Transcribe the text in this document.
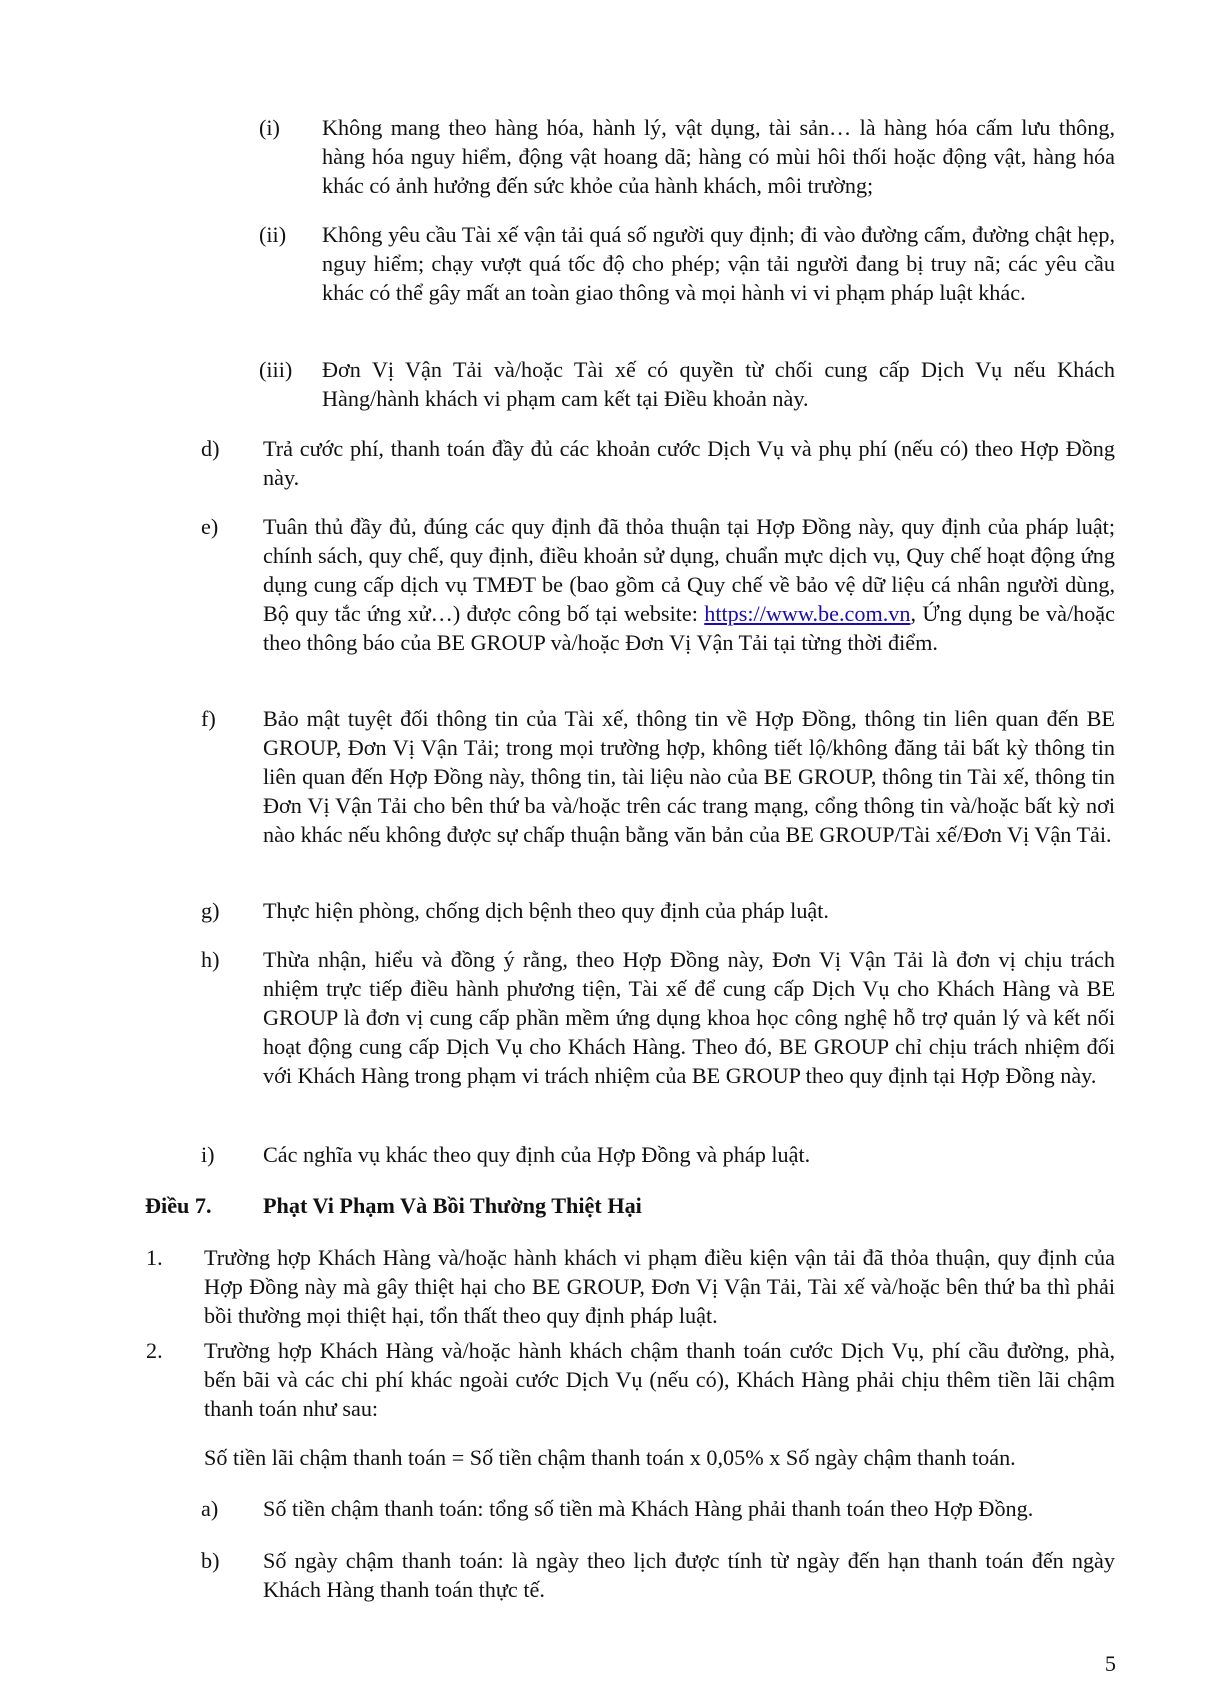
(i) Không mang theo hàng hóa, hành lý, vật dụng, tài sản… là hàng hóa cấm lưu thông, hàng hóa nguy hiểm, động vật hoang dã; hàng có mùi hôi thối hoặc động vật, hàng hóa khác có ảnh hưởng đến sức khỏe của hành khách, môi trường;
(ii) Không yêu cầu Tài xế vận tải quá số người quy định; đi vào đường cấm, đường chật hẹp, nguy hiểm; chạy vượt quá tốc độ cho phép; vận tải người đang bị truy nã; các yêu cầu khác có thể gây mất an toàn giao thông và mọi hành vi vi phạm pháp luật khác.
(iii) Đơn Vị Vận Tải và/hoặc Tài xế có quyền từ chối cung cấp Dịch Vụ nếu Khách Hàng/hành khách vi phạm cam kết tại Điều khoản này.
d) Trả cước phí, thanh toán đầy đủ các khoản cước Dịch Vụ và phụ phí (nếu có) theo Hợp Đồng này.
e) Tuân thủ đầy đủ, đúng các quy định đã thỏa thuận tại Hợp Đồng này, quy định của pháp luật; chính sách, quy chế, quy định, điều khoản sử dụng, chuẩn mực dịch vụ, Quy chế hoạt động ứng dụng cung cấp dịch vụ TMĐT be (bao gồm cả Quy chế về bảo vệ dữ liệu cá nhân người dùng, Bộ quy tắc ứng xử…) được công bố tại website: https://www.be.com.vn, Ứng dụng be và/hoặc theo thông báo của BE GROUP và/hoặc Đơn Vị Vận Tải tại từng thời điểm.
f) Bảo mật tuyệt đối thông tin của Tài xế, thông tin về Hợp Đồng, thông tin liên quan đến BE GROUP, Đơn Vị Vận Tải; trong mọi trường hợp, không tiết lộ/không đăng tải bất kỳ thông tin liên quan đến Hợp Đồng này, thông tin, tài liệu nào của BE GROUP, thông tin Tài xế, thông tin Đơn Vị Vận Tải cho bên thứ ba và/hoặc trên các trang mạng, cổng thông tin và/hoặc bất kỳ nơi nào khác nếu không được sự chấp thuận bằng văn bản của BE GROUP/Tài xế/Đơn Vị Vận Tải.
g) Thực hiện phòng, chống dịch bệnh theo quy định của pháp luật.
h) Thừa nhận, hiểu và đồng ý rằng, theo Hợp Đồng này, Đơn Vị Vận Tải là đơn vị chịu trách nhiệm trực tiếp điều hành phương tiện, Tài xế để cung cấp Dịch Vụ cho Khách Hàng và BE GROUP là đơn vị cung cấp phần mềm ứng dụng khoa học công nghệ hỗ trợ quản lý và kết nối hoạt động cung cấp Dịch Vụ cho Khách Hàng. Theo đó, BE GROUP chỉ chịu trách nhiệm đối với Khách Hàng trong phạm vi trách nhiệm của BE GROUP theo quy định tại Hợp Đồng này.
i) Các nghĩa vụ khác theo quy định của Hợp Đồng và pháp luật.
Điều 7. Phạt Vi Phạm Và Bồi Thường Thiệt Hại
1. Trường hợp Khách Hàng và/hoặc hành khách vi phạm điều kiện vận tải đã thỏa thuận, quy định của Hợp Đồng này mà gây thiệt hại cho BE GROUP, Đơn Vị Vận Tải, Tài xế và/hoặc bên thứ ba thì phải bồi thường mọi thiệt hại, tổn thất theo quy định pháp luật.
2. Trường hợp Khách Hàng và/hoặc hành khách chậm thanh toán cước Dịch Vụ, phí cầu đường, phà, bến bãi và các chi phí khác ngoài cước Dịch Vụ (nếu có), Khách Hàng phải chịu thêm tiền lãi chậm thanh toán như sau:
Số tiền lãi chậm thanh toán = Số tiền chậm thanh toán x 0,05% x Số ngày chậm thanh toán.
a) Số tiền chậm thanh toán: tổng số tiền mà Khách Hàng phải thanh toán theo Hợp Đồng.
b) Số ngày chậm thanh toán: là ngày theo lịch được tính từ ngày đến hạn thanh toán đến ngày Khách Hàng thanh toán thực tế.
5
